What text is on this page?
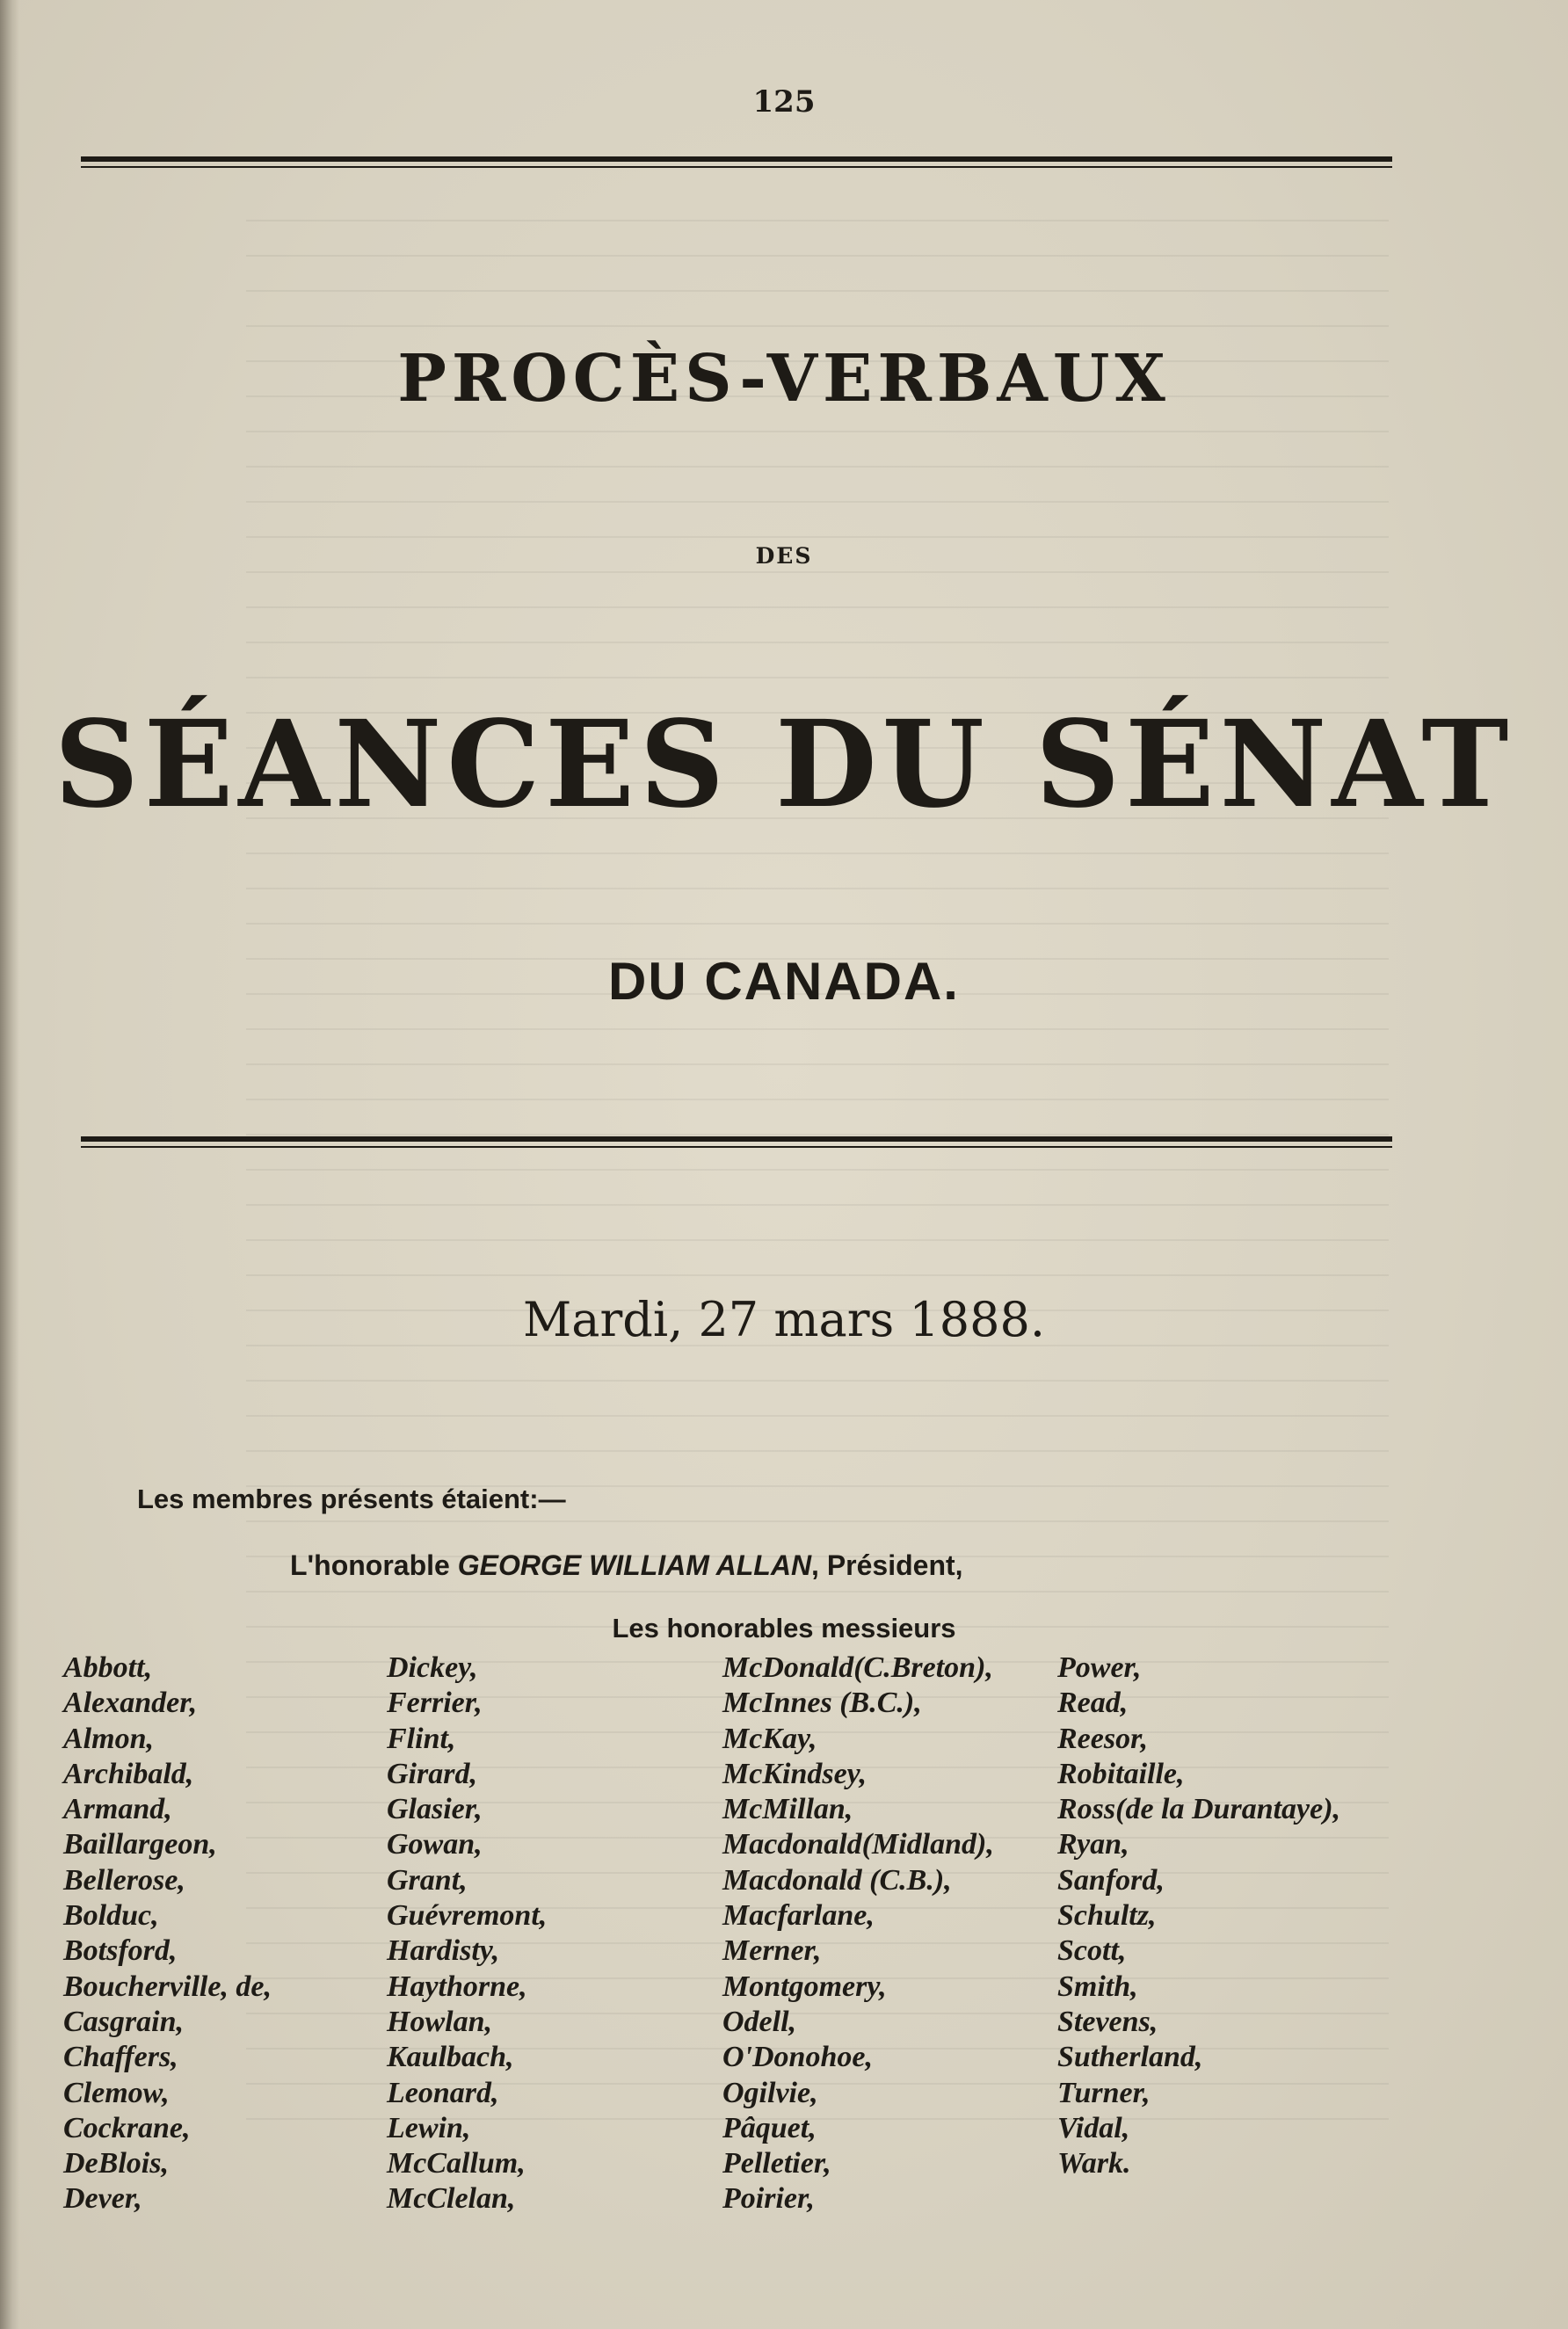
125
PROCÈS-VERBAUX
DES
SÉANCES DU SÉNAT
DU CANADA.
Mardi, 27 mars 1888.
Les membres présents étaient:—
L'honorable GEORGE WILLIAM ALLAN, Président,
Les honorables messieurs
Abbott,
Alexander,
Almon,
Archibald,
Armand,
Baillargeon,
Bellerose,
Bolduc,
Botsford,
Boucherville, de,
Casgrain,
Chaffers,
Clemow,
Cockrane,
DeBlois,
Dever,
Dickey,
Ferrier,
Flint,
Girard,
Glasier,
Gowan,
Grant,
Guévremont,
Hardisty,
Haythorne,
Howlan,
Kaulbach,
Leonard,
Lewin,
McCallum,
McClelan,
McDonald(C.Breton),
McInnes (B.C.),
McKay,
McKindsey,
McMillan,
Macdonald(Midland),
Macdonald (C.B.),
Macfarlane,
Merner,
Montgomery,
Odell,
O'Donohoe,
Ogilvie,
Pâquet,
Pelletier,
Poirier,
Power,
Read,
Reesor,
Robitaille,
Ross(de la Durantaye),
Ryan,
Sanford,
Schultz,
Scott,
Smith,
Stevens,
Sutherland,
Turner,
Vidal,
Wark.
